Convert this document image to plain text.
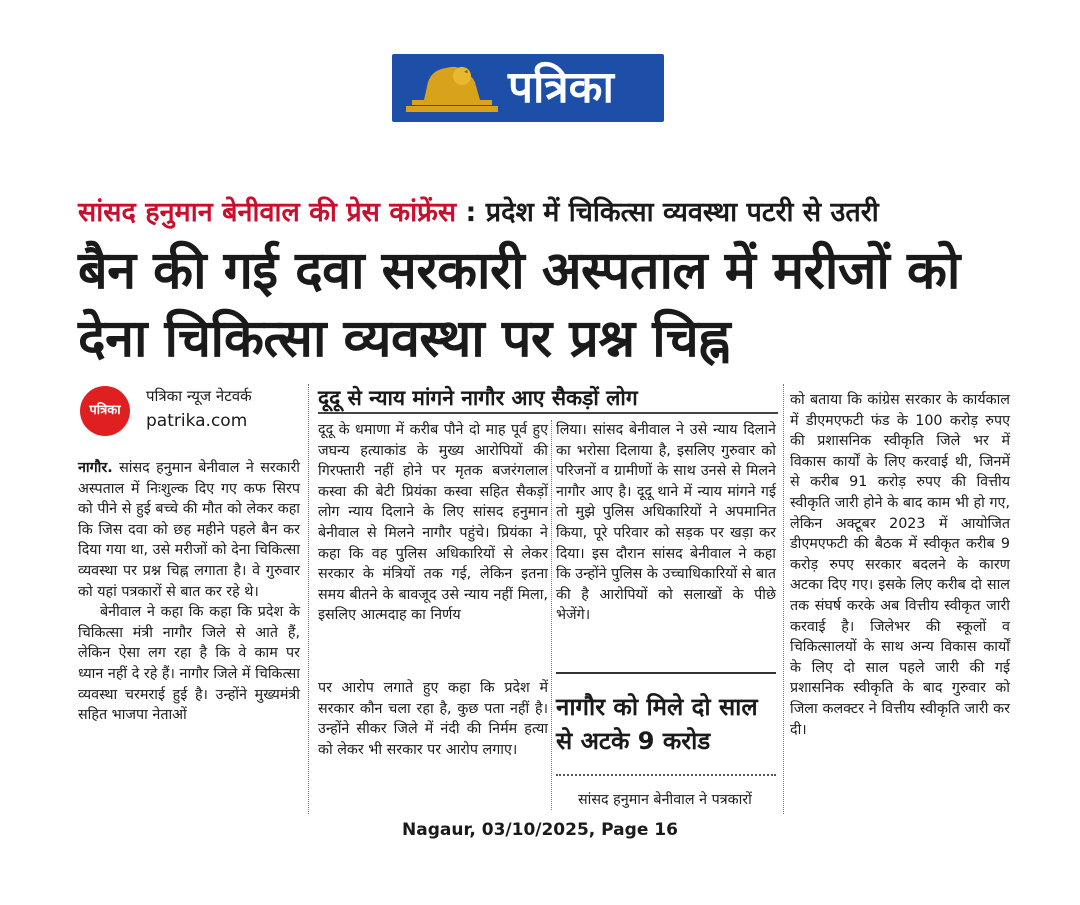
पत्रिका
सांसद हनुमान बेनीवाल की प्रेस कांफ्रेंस : प्रदेश में चिकित्सा व्यवस्था पटरी से उतरी
बैन की गई दवा सरकारी अस्पताल में मरीजों को
देना चिकित्सा व्यवस्था पर प्रश्न चिह्न
पत्रिका
पत्रिका न्यूज नेटवर्क
patrika.com

नागौर. सांसद हनुमान बेनीवाल ने सरकारी अस्पताल में निःशुल्क दिए गए कफ सिरप को पीने से हुई बच्चे की मौत को लेकर कहा कि जिस दवा को छह महीने पहले बैन कर दिया गया था, उसे मरीजों को देना चिकित्सा व्यवस्था पर प्रश्न चिह्न लगाता है। वे गुरुवार को यहां पत्रकारों से बात कर रहे थे।

बेनीवाल ने कहा कि कहा कि प्रदेश के चिकित्सा मंत्री नागौर जिले से आते हैं, लेकिन ऐसा लग रहा है कि वे काम पर ध्यान नहीं दे रहे हैं। नागौर जिले में चिकित्सा व्यवस्था चरमराई हुई है। उन्होंने मुख्यमंत्री सहित भाजपा नेताओं

दूदू से न्याय मांगने नागौर आए सैकड़ों लोग

दूदू के धमाणा में करीब पौने दो माह पूर्व हुए जघन्य हत्याकांड के मुख्य आरोपियों की गिरफ्तारी नहीं होने पर मृतक बजरंगलाल कस्वा की बेटी प्रियंका कस्वा सहित सैकड़ों लोग न्याय दिलाने के लिए सांसद हनुमान बेनीवाल से मिलने नागौर पहुंचे। प्रियंका ने कहा कि वह पुलिस अधिकारियों से लेकर सरकार के मंत्रियों तक गई, लेकिन इतना समय बीतने के बावजूद उसे न्याय नहीं मिला, इसलिए आत्मदाह का निर्णय

पर आरोप लगाते हुए कहा कि प्रदेश में सरकार कौन चला रहा है, कुछ पता नहीं है। उन्होंने सीकर जिले में नंदी की निर्मम हत्या को लेकर भी सरकार पर आरोप लगाए।

लिया। सांसद बेनीवाल ने उसे न्याय दिलाने का भरोसा दिलाया है, इसलिए गुरुवार को परिजनों व ग्रामीणों के साथ उनसे से मिलने नागौर आए है। दूदू थाने में न्याय मांगने गई तो मुझे पुलिस अधिकारियों ने अपमानित किया, पूरे परिवार को सड़क पर खड़ा कर दिया। इस दौरान सांसद बेनीवाल ने कहा कि उन्होंने पुलिस के उच्चाधिकारियों से बात की है आरोपियों को सलाखों के पीछे भेजेंगे।

नागौर को मिले दो साल से अटके 9 करोड

सांसद हनुमान बेनीवाल ने पत्रकारों

को बताया कि कांग्रेस सरकार के कार्यकाल में डीएमएफटी फंड के 100 करोड़ रुपए की प्रशासनिक स्वीकृति जिले भर में विकास कार्यों के लिए करवाई थी, जिनमें से करीब 91 करोड़ रुपए की वित्तीय स्वीकृति जारी होने के बाद काम भी हो गए, लेकिन अक्टूबर 2023 में आयोजित डीएमएफटी की बैठक में स्वीकृत करीब 9 करोड़ रुपए सरकार बदलने के कारण अटका दिए गए। इसके लिए करीब दो साल तक संघर्ष करके अब वित्तीय स्वीकृत जारी करवाई है। जिलेभर की स्कूलों व चिकित्सालयों के साथ अन्य विकास कार्यों के लिए दो साल पहले जारी की गई प्रशासनिक स्वीकृति के बाद गुरुवार को जिला कलक्टर ने वित्तीय स्वीकृति जारी कर दी।

Nagaur, 03/10/2025, Page 16
